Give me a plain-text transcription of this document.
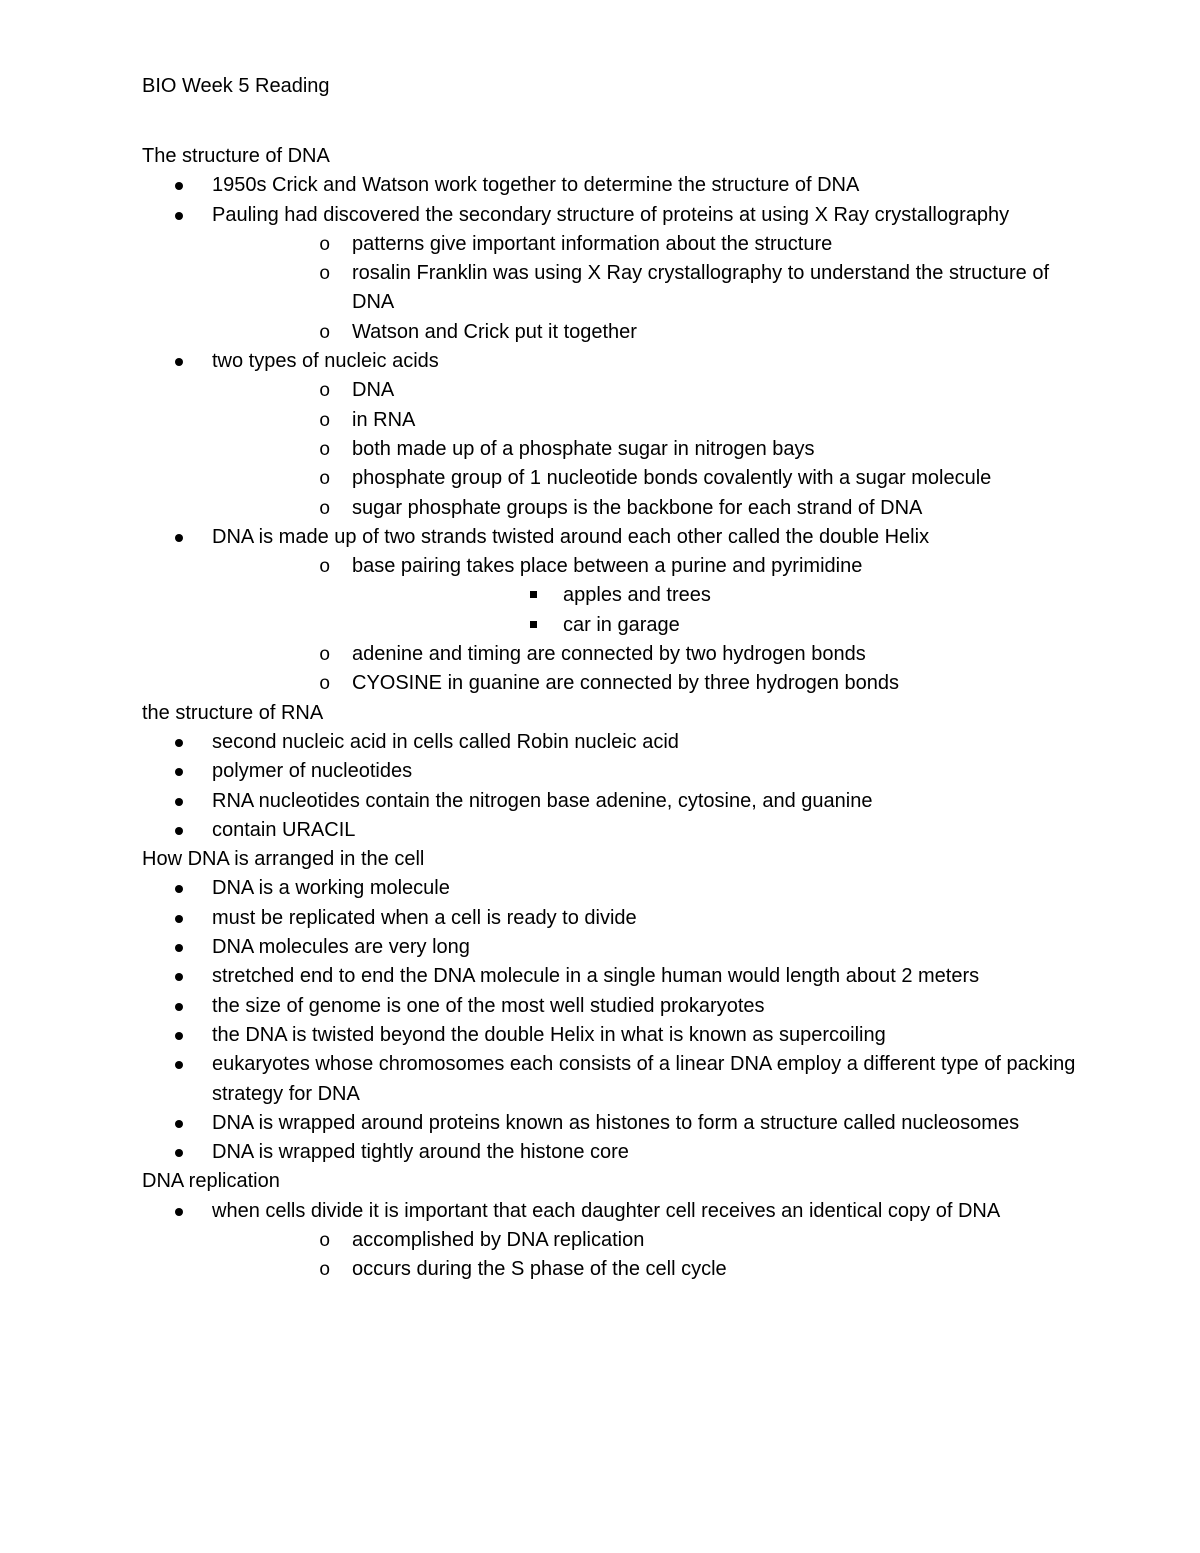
BIO Week 5 Reading
The structure of DNA
1950s Crick and Watson work together to determine the structure of DNA
Pauling had discovered the secondary structure of proteins at using X Ray crystallography
o patterns give important information about the structure
o rosalin Franklin was using X Ray crystallography to understand the structure of DNA
o Watson and Crick put it together
two types of nucleic acids
o DNA
o in RNA
o both made up of a phosphate sugar in nitrogen bays
o phosphate group of 1 nucleotide bonds covalently with a sugar molecule
o sugar phosphate groups is the backbone for each strand of DNA
DNA is made up of two strands twisted around each other called the double Helix
o base pairing takes place between a purine and pyrimidine
apples and trees
car in garage
o adenine and timing are connected by two hydrogen bonds
o CYOSINE in guanine are connected by three hydrogen bonds
the structure of RNA
second nucleic acid in cells called Robin nucleic acid
polymer of nucleotides
RNA nucleotides contain the nitrogen base adenine, cytosine, and guanine
contain URACIL
How DNA is arranged in the cell
DNA is a working molecule
must be replicated when a cell is ready to divide
DNA molecules are very long
stretched end to end the DNA molecule in a single human would length about 2 meters
the size of genome is one of the most well studied prokaryotes
the DNA is twisted beyond the double Helix in what is known as supercoiling
eukaryotes whose chromosomes each consists of a linear DNA employ a different type of packing strategy for DNA
DNA is wrapped around proteins known as histones to form a structure called nucleosomes
DNA is wrapped tightly around the histone core
DNA replication
when cells divide it is important that each daughter cell receives an identical copy of DNA
o accomplished by DNA replication
o occurs during the S phase of the cell cycle
